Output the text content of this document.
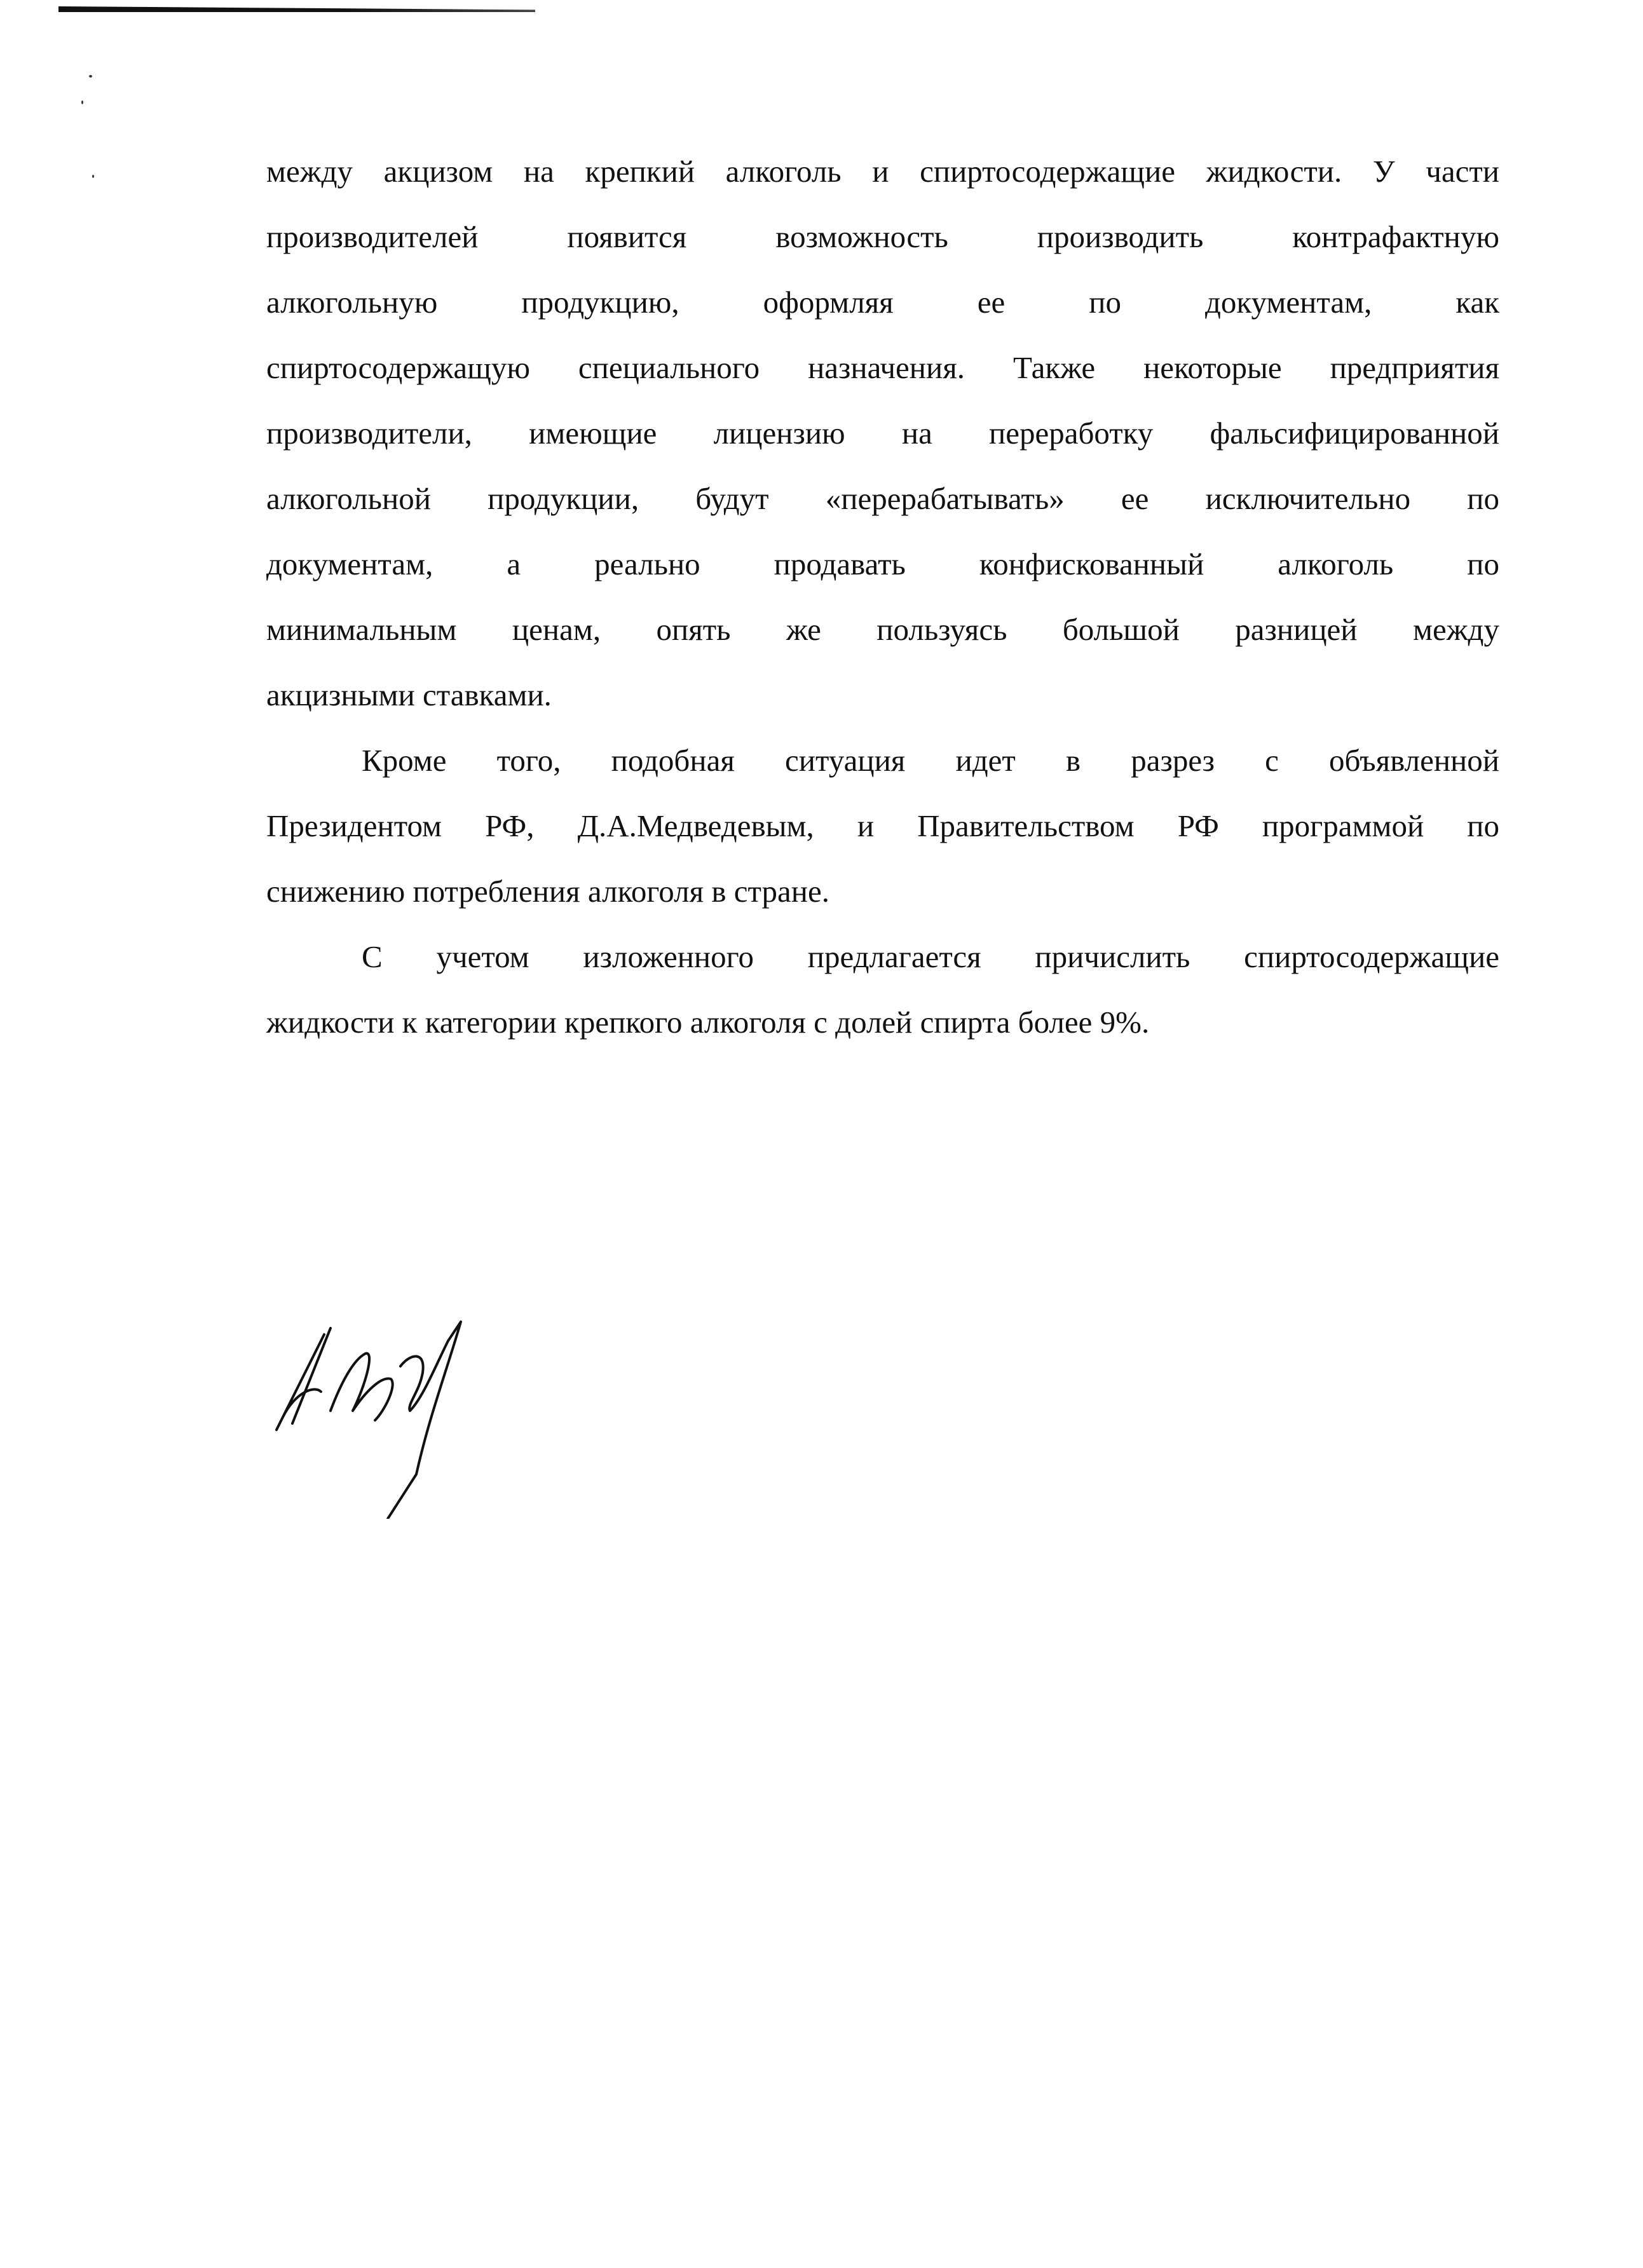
между акцизом на крепкий алкоголь и спиртосодержащие жидкости. У части
производителей появится возможность производить контрафактную
алкогольную продукцию, оформляя ее по документам, как
спиртосодержащую специального назначения. Также некоторые предприятия
производители, имеющие лицензию на переработку фальсифицированной
алкогольной продукции, будут «перерабатывать» ее исключительно по
документам, а реально продавать конфискованный алкоголь по
минимальным ценам, опять же пользуясь большой разницей между
акцизными ставками.
Кроме того, подобная ситуация идет в разрез с объявленной
Президентом РФ, Д.А.Медведевым, и Правительством РФ программой по
снижению потребления алкоголя в стране.
С учетом изложенного предлагается причислить спиртосодержащие
жидкости к категории крепкого алкоголя с долей спирта более 9%.
